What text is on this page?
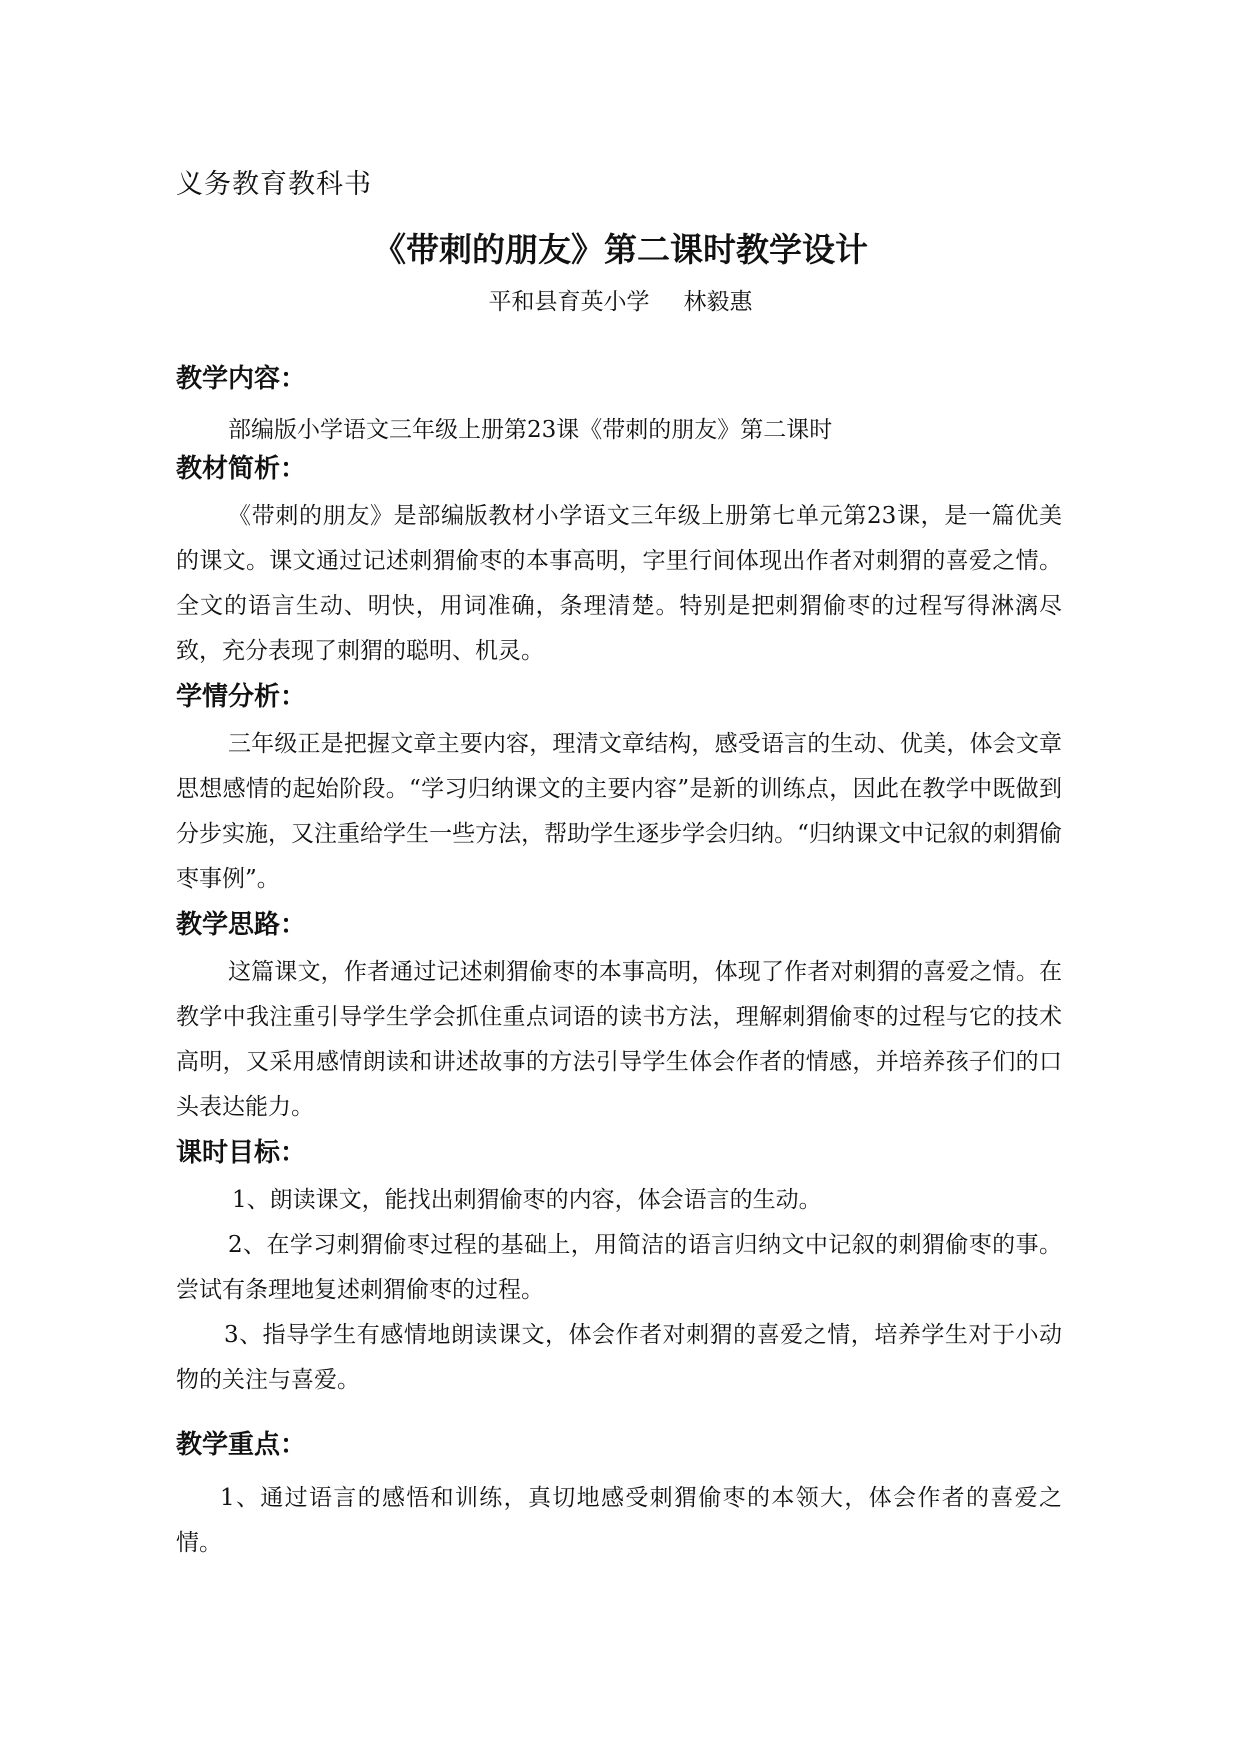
义务教育教科书
《带刺的朋友》第二课时教学设计
平和县育英小学 林毅惠
教学内容：

部编版小学语文三年级上册第23课《带刺的朋友》第二课时

教材简析：

《带刺的朋友》是部编版教材小学语文三年级上册第七单元第23课，是一篇优美的课文。课文通过记述刺猬偷枣的本事高明，字里行间体现出作者对刺猬的喜爱之情。全文的语言生动、明快，用词准确，条理清楚。特别是把刺猬偷枣的过程写得淋漓尽致，充分表现了刺猬的聪明、机灵。

学情分析：

三年级正是把握文章主要内容，理清文章结构，感受语言的生动、优美，体会文章思想感情的起始阶段。“学习归纳课文的主要内容”是新的训练点，因此在教学中既做到分步实施，又注重给学生一些方法，帮助学生逐步学会归纳。“归纳课文中记叙的刺猬偷枣事例”。

教学思路：

这篇课文，作者通过记述刺猬偷枣的本事高明，体现了作者对刺猬的喜爱之情。在教学中我注重引导学生学会抓住重点词语的读书方法，理解刺猬偷枣的过程与它的技术高明，又采用感情朗读和讲述故事的方法引导学生体会作者的情感，并培养孩子们的口头表达能力。

课时目标：

1、朗读课文，能找出刺猬偷枣的内容，体会语言的生动。

2、在学习刺猬偷枣过程的基础上，用简洁的语言归纳文中记叙的刺猬偷枣的事。尝试有条理地复述刺猬偷枣的过程。

3、指导学生有感情地朗读课文，体会作者对刺猬的喜爱之情，培养学生对于小动物的关注与喜爱。

教学重点：

1、通过语言的感悟和训练，真切地感受刺猬偷枣的本领大，体会作者的喜爱之情。
